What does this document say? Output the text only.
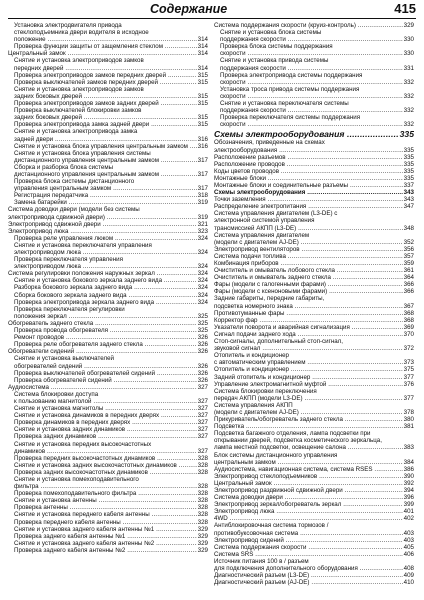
Содержание	415
Установка электродвигателя привода
стеклоподъемника двери водителя в исходное
положение .....	314
Проверка функции защиты от защемления стеклом .....	314
Центральный замок .....	314
Снятие и установка электроприводов замков
передних дверей .....	314
Проверка электроприводов замков передних дверей .....	315
Проверка выключателей замков передних дверей .....	315
Снятие и установка электроприводов замков
задних боковых дверей .....	315
Проверка электроприводов замков задних дверей .....	315
Проверка выключателей блокировки замков
задних боковых дверей .....	315
Проверка электропривода замка задней двери .....	315
Снятие и установка электропривода замка
задней двери .....	316
Снятие и установка блока управления центральным замком ..... 316
Снятие и установка блока управления системы
дистанционного управления центральным замком .....	317
Сборка и разборка блока системы
дистанционного управления центральным замком .....	317
Проверка блока системы дистанционного
управления центральным замком .....	317
Регистрация передатчика .....	318
Замена батарейки .....	319
Система доводки двери (модели без системы
электропривода сдвижной двери) .....	319
Электропривод сдвижной двери .....	321
Электропривод люка .....	323
Проверка реле управления люком .....	324
Снятие и установка переключателя управления
электроприводом люка .....	324
Проверка переключателя управления
электроприводом люка .....	324
Система регулировки положения наружных зеркал .....	324
Снятие и установка бокового зеркала заднего вида .....	324
Разборка бокового зеркала заднего вида .....	324
Сборка бокового зеркала заднего вида .....	324
Проверка электропривода зеркала заднего вида .....	324
Проверка переключателя регулировки
положения зеркал .....	325
Обогреватель заднего стекла .....	325
Проверка провода обогревателя .....	325
Ремонт проводов .....	326
Проверка реле обогревателя заднего стекла .....	326
Обогреватели сидений .....	326
Снятие и установка выключателей
обогревателей сидений .....	326
Проверка выключателей обогревателей сидений .....	326
Проверка обогревателей сидений .....	326
Аудиосистема .....	327
Система блокировки доступа
к пользованию магнитолой .....	327
Снятие и установка магнитолы .....	327
Снятие и установка динамиков в передних дверях .....	327
Проверка динамиков в передних дверях .....	327
Снятие и установка задних динамиков .....	327
Проверка задних динамиков .....	327
Снятие и установка передних высокочастотных
динамиков .....	327
Проверка передних высокочастотных динамиков .....	328
Снятие и установка задних высокочастотных динамиков .....	328
Проверка задних высокочастотных динамиков .....	328
Снятие и установка помехоподавительного
фильтра .....	328
Проверка помехоподавительного фильтра .....	328
Снятие и установка антенны .....	328
Проверка антенны .....	328
Снятие и установка переднего кабеля антенны .....	328
Проверка переднего кабеля антенны .....	328
Снятие и установка заднего кабеля антенны №1 .....	329
Проверка заднего кабеля антенны №1 .....	329
Снятие и установка заднего кабеля антенны №2 .....	329
Проверка заднего кабеля антенны №2 .....	329
Система поддержания скорости (круиз-контроль) .....	329
Снятие и установка блока системы
поддержания скорости .....	330
Проверка блока системы поддержания
скорости .....	330
Снятие и установка привода системы
поддержания скорости .....	331
Проверка электропривода системы поддержания
скорости .....	332
Установка троса привода системы поддержания
скорости .....	332
Снятие и установка переключателя системы
поддержания скорости .....	332
Проверка переключателя системы поддержания
скорости .....	332
Схемы электрооборудования .....	335
Обозначения, приведенные на схемах
электрооборудования .....	335
Расположение разъемов .....	335
Расположение проводов .....	335
Коды цветов проводов .....	335
Монтажные блоки .....	335
Монтажные блоки и соединительные разъемы .....	337
Схемы электрооборудования .....	343
Точки заземления .....	343
Распределение электропитания .....	347
Система управления двигателем (L3-DE) с
электронной системой управления
трансмиссией АКПП (L3-DE) .....	348
Система управления двигателем
(модели с двигателем AJ-DE) .....	352
Электропривод вентиляторов .....	356
Система подачи топлива .....	357
Комбинация приборов .....	359
Очиститель и омыватель лобового стекла .....	361
Очиститель и омыватель заднего стекла .....	364
Фары (модели с галогенными фарами) .....	366
Фары (модели с ксеноновыми фарами) .....	366
Задние габариты, передние габариты,
подсветка номерного знака .....	367
Противотуманные фары .....	368
Корректор фар .....	368
Указатели поворота и аварийная сигнализация .....	369
Сигнал подачи заднего хода .....	370
Стоп-сигналы, дополнительный стоп-сигнал,
звуковой сигнал .....	372
Отопитель и кондиционер
с автоматическим управлением .....	373
Отопитель и кондиционер .....	375
Задний отопитель и кондиционер .....	377
Управление электромагнитной муфтой .....	376
Система блокировки переключения
передач АКПП (модели L3-DE) .....	377
Система управления АКПП
(модели с двигателем AJ-DE) .....	378
Прикуриватель/обогреватель заднего стекла .....	380
Подсветка .....	381
Подсветка багажного отделения, лампа подсветки при
открывании дверей, подсветка косметического зеркальца,
лампа местной подсветки, освещение салона .....	383
Блок системы дистанционного управления
центральным замком .....	384
Аудиосистема, навигационная система, система RSES .....	386
Электропривод стеклоподъемников .....	390
Центральный замок .....	392
Электропривод раздвижной сдвижной двери .....	394
Система доводки двери .....	396
Электропривод зеркал/обогреватель зеркал .....	399
Электропривод люка .....	401
4WD .....	402
Антиблокировочная система тормозов /
противобуксовочная система .....	403
Электропривод сидений .....	403
Система поддержания скорости .....	405
Система SRS .....	406
Источник питания 100 в / разъем
для подключения дополнительного оборудования .....	408
Диагностический разъем (L3-DE) .....	409
Диагностический разъем (AJ-DE) .....	410
